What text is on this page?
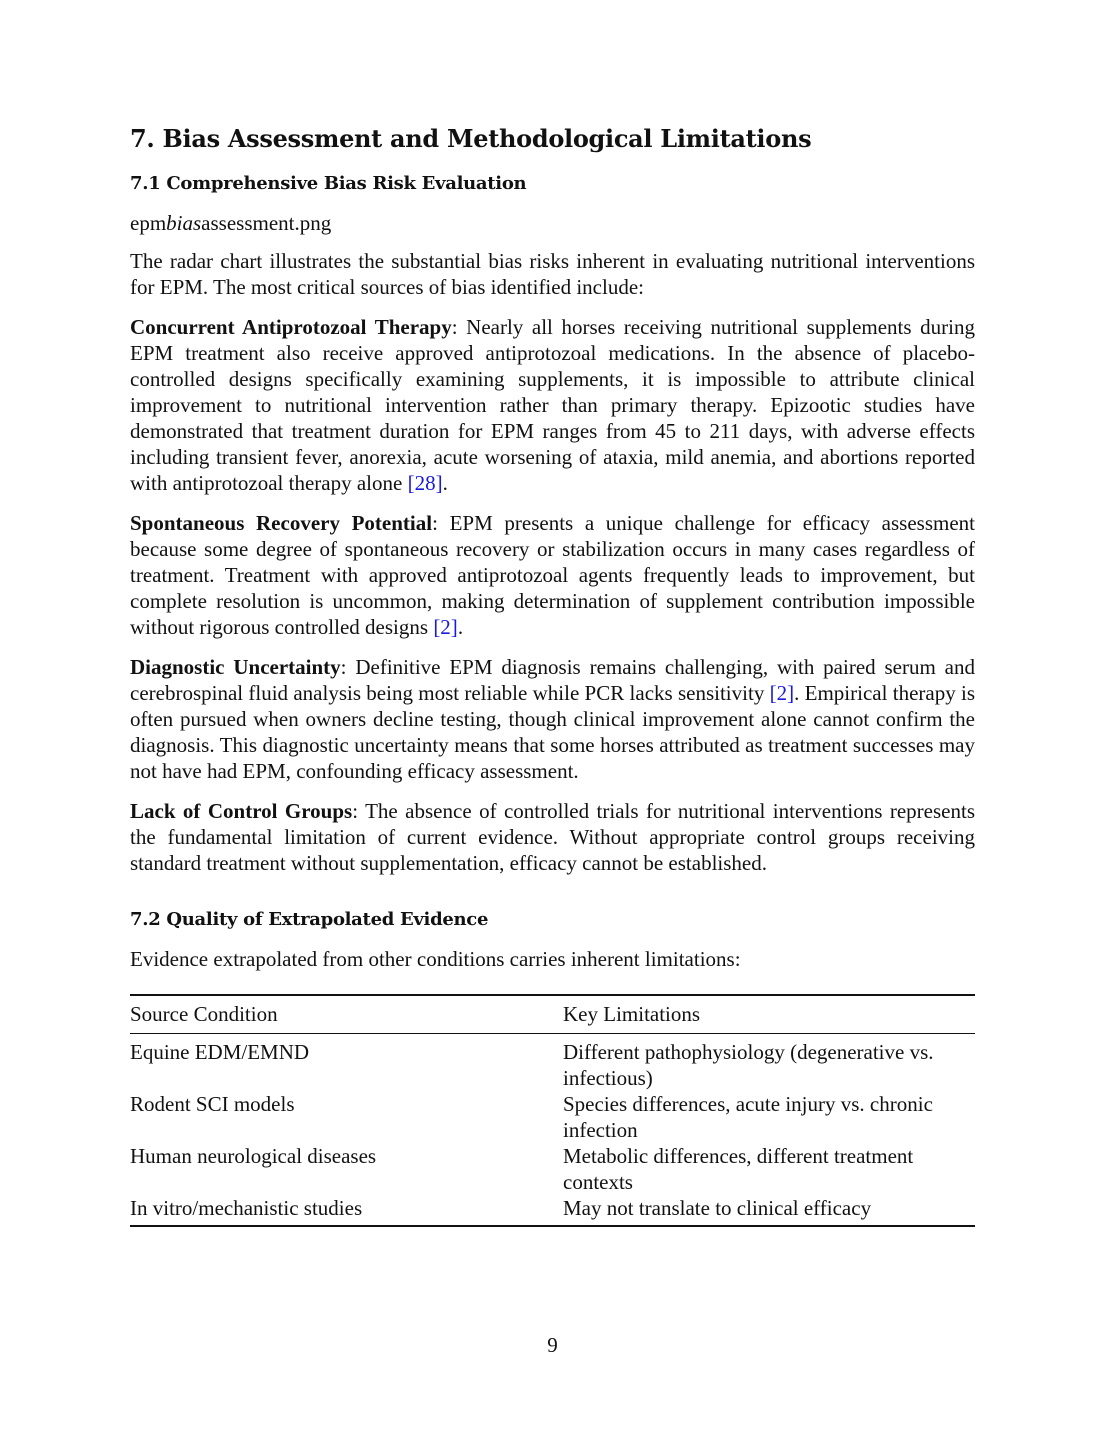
7. Bias Assessment and Methodological Limitations
7.1 Comprehensive Bias Risk Evaluation

epmbiasassessment.png

The radar chart illustrates the substantial bias risks inherent in evaluating nutritional interventions for EPM. The most critical sources of bias identified include:

Concurrent Antiprotozoal Therapy: Nearly all horses receiving nutritional supplements during EPM treatment also receive approved antiprotozoal medications. In the absence of placebo-controlled designs specifically examining supplements, it is impossible to attribute clinical improvement to nutritional intervention rather than primary therapy. Epizootic studies have demonstrated that treatment duration for EPM ranges from 45 to 211 days, with adverse effects including transient fever, anorexia, acute worsening of ataxia, mild anemia, and abortions reported with antiprotozoal therapy alone [28].

Spontaneous Recovery Potential: EPM presents a unique challenge for efficacy assessment because some degree of spontaneous recovery or stabilization occurs in many cases regardless of treatment. Treatment with approved antiprotozoal agents frequently leads to improvement, but complete resolution is uncommon, making determination of supplement contribution impossible without rigorous controlled designs [2].

Diagnostic Uncertainty: Definitive EPM diagnosis remains challenging, with paired serum and cerebrospinal fluid analysis being most reliable while PCR lacks sensitivity [2]. Empirical therapy is often pursued when owners decline testing, though clinical improvement alone cannot confirm the diagnosis. This diagnostic uncertainty means that some horses attributed as treatment successes may not have had EPM, confounding efficacy assessment.

Lack of Control Groups: The absence of controlled trials for nutritional interventions represents the fundamental limitation of current evidence. Without appropriate control groups receiving standard treatment without supplementation, efficacy cannot be established.

7.2 Quality of Extrapolated Evidence

Evidence extrapolated from other conditions carries inherent limitations:

Source Condition	Key Limitations
Equine EDM/EMND	Different pathophysiology (degenerative vs. infectious)
Rodent SCI models	Species differences, acute injury vs. chronic infection
Human neurological diseases	Metabolic differences, different treatment contexts
In vitro/mechanistic studies	May not translate to clinical efficacy
9
